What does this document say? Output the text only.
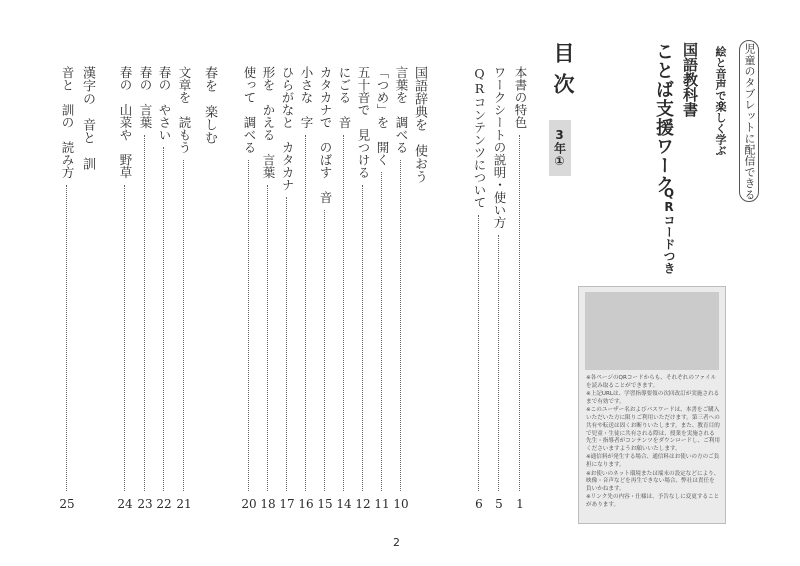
児童のタブレットに配信できる
絵と音声で楽しく学ぶ
国語教科書
ことば支援ワーク
QRコードつき
目次
3年①
本書の特色
1
ワークシートの説明・使い方
5
QRコンテンツについて
6
国語辞典を　使おう
言葉を　調べる
10
「つめ」を　開く
11
五十音で　見つける
12
にごる　音
14
カタカナで　のばす　音
15
小さな　字
16
ひらがなと　カタカナ
17
形を　かえる　言葉
18
使って　調べる
20
春を　楽しむ
文章を　読もう
21
春の　やさい
22
春の　言葉
23
春の　山菜や　野草
24
漢字の　音と　訓
音と　訓の　読み方
25
※各ページのQRコードからも、それぞれのファイルを読み取ることができます。
※上記URLは、学習指導要領の次回改訂が実施されるまで有効です。
※このユーザー名およびパスワードは、本書をご購入いただいた方に限りご利用いただけます。第三者への共有や転送は固くお断りいたします。また、教育目的で児童・生徒に共有される際は、授業を実施される先生・指導者がコンテンツをダウンロードし、ご利用くださいますようお願いいたします。
※通信料が発生する場合、通信料はお使いの方のご負担になります。
※お使いのネット環境または端末の設定などにより、映像・音声などを再生できない場合、弊社は責任を負いかねます。
※リンク先の内容・仕様は、予告なしに変更することがあります。
2
